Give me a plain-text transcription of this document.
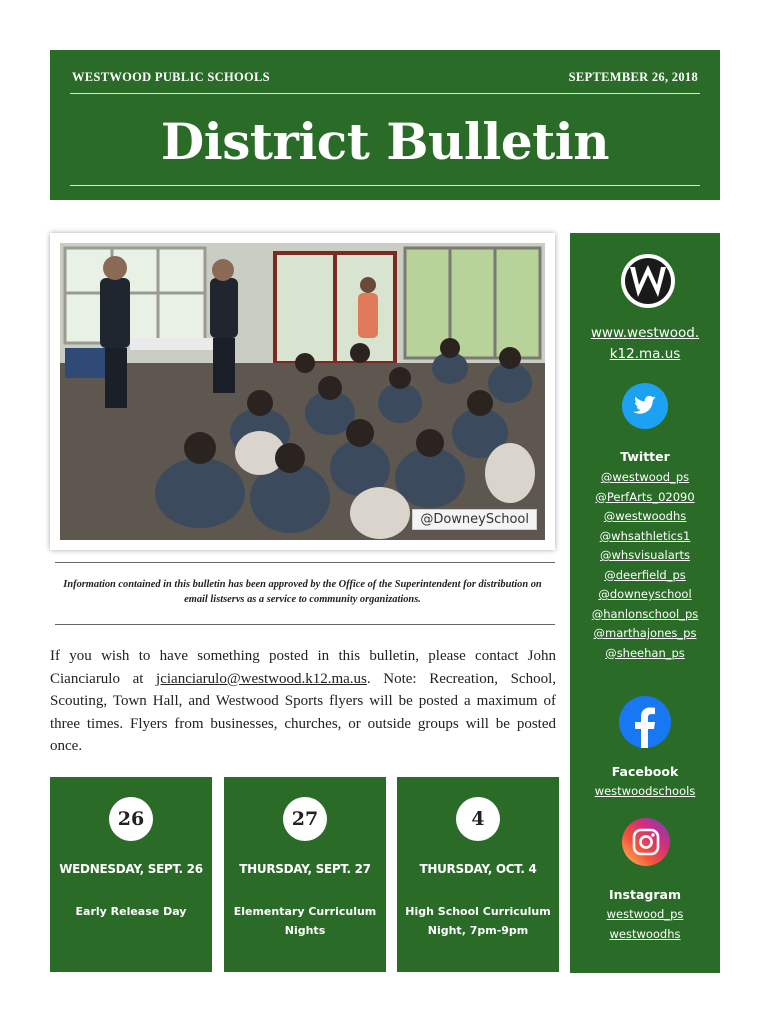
WESTWOOD PUBLIC SCHOOLS	SEPTEMBER 26, 2018
District Bulletin
@DowneySchool
Information contained in this bulletin has been approved by the Office of the Superintendent for distribution on email listservs as a service to community organizations.
If you wish to have something posted in this bulletin, please contact John Cianciarulo at jcianciarulo@westwood.k12.ma.us. Note: Recreation, School, Scouting, Town Hall, and Westwood Sports flyers will be posted a maximum of three times. Flyers from businesses, churches, or outside groups will be posted once.
26
WEDNESDAY, SEPT. 26
Early Release Day
27
THURSDAY, SEPT. 27
Elementary Curriculum
Nights
4
THURSDAY, OCT. 4
High School Curriculum
Night, 7pm-9pm
www.westwood.
k12.ma.us
Twitter
@westwood_ps
@PerfArts_02090
@westwoodhs
@whsathletics1
@whsvisualarts
@deerfield_ps
@downeyschool
@hanlonschool_ps
@marthajones_ps
@sheehan_ps
Facebook
westwoodschools
Instagram
westwood_ps
westwoodhs
